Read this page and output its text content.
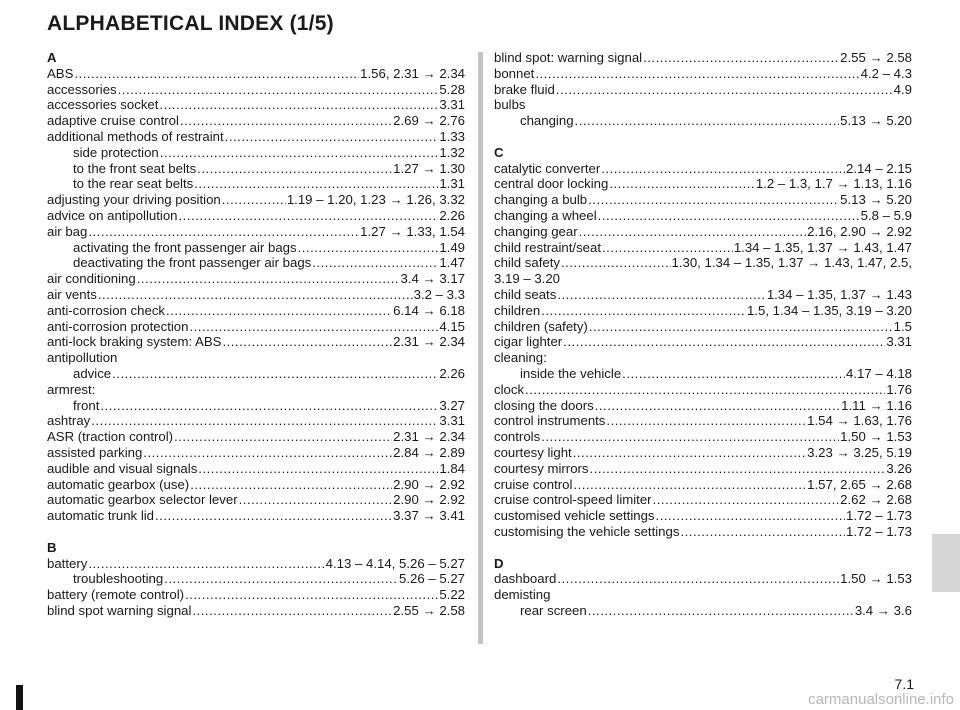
ALPHABETICAL INDEX (1/5)
A
ABS .....	1.56, 2.31 → 2.34
accessories .....	5.28
accessories socket .....	3.31
adaptive cruise control .....	2.69 → 2.76
additional methods of restraint .....	1.33
side protection .....	1.32
to the front seat belts .....	1.27 → 1.30
to the rear seat belts .....	1.31
adjusting your driving position .....	1.19 – 1.20, 1.23 → 1.26, 3.32
advice on antipollution .....	2.26
air bag .....	1.27 → 1.33, 1.54
activating the front passenger air bags .....	1.49
deactivating the front passenger air bags .....	1.47
air conditioning .....	3.4 → 3.17
air vents .....	3.2 – 3.3
anti-corrosion check .....	6.14 → 6.18
anti-corrosion protection .....	4.15
anti-lock braking system: ABS .....	2.31 → 2.34
antipollution
advice .....	2.26
armrest:
front .....	3.27
ashtray .....	3.31
ASR (traction control) .....	2.31 → 2.34
assisted parking .....	2.84 → 2.89
audible and visual signals .....	1.84
automatic gearbox (use) .....	2.90 → 2.92
automatic gearbox selector lever .....	2.90 → 2.92
automatic trunk lid .....	3.37 → 3.41
B
battery .....	4.13 – 4.14, 5.26 – 5.27
troubleshooting .....	5.26 – 5.27
battery (remote control) .....	5.22
blind spot warning signal .....	2.55 → 2.58
blind spot: warning signal .....	2.55 → 2.58
bonnet .....	4.2 – 4.3
brake fluid .....	4.9
bulbs
changing .....	5.13 → 5.20
C
catalytic converter .....	2.14 – 2.15
central door locking .....	1.2 – 1.3, 1.7 → 1.13, 1.16
changing a bulb .....	5.13 → 5.20
changing a wheel .....	5.8 – 5.9
changing gear .....	2.16, 2.90 → 2.92
child restraint/seat .....	1.34 – 1.35, 1.37 → 1.43, 1.47
child safety .....	1.30, 1.34 – 1.35, 1.37 → 1.43, 1.47, 2.5,
3.19 – 3.20
child seats .....	1.34 – 1.35, 1.37 → 1.43
children .....	1.5, 1.34 – 1.35, 3.19 – 3.20
children (safety) .....	1.5
cigar lighter .....	3.31
cleaning:
inside the vehicle .....	4.17 – 4.18
clock .....	1.76
closing the doors .....	1.11 → 1.16
control instruments .....	1.54 → 1.63, 1.76
controls .....	1.50 → 1.53
courtesy light .....	3.23 → 3.25, 5.19
courtesy mirrors .....	3.26
cruise control .....	1.57, 2.65 → 2.68
cruise control-speed limiter .....	2.62 → 2.68
customised vehicle settings .....	1.72 – 1.73
customising the vehicle settings .....	1.72 – 1.73
D
dashboard .....	1.50 → 1.53
demisting
rear screen .....	3.4 → 3.6
7.1
carmanualsonline.info
